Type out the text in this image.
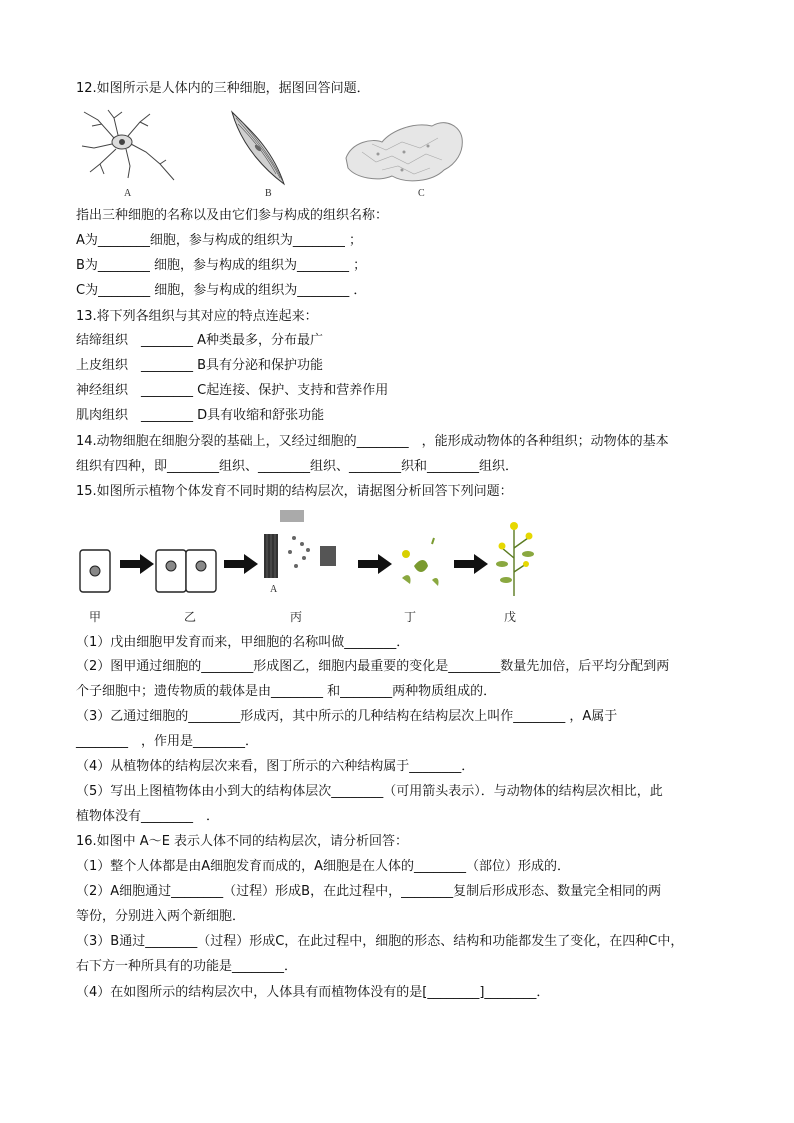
12.如图所示是人体内的三种细胞，据图回答问题．
A	B	C
指出三种细胞的名称以及由它们参与构成的组织名称：
A为________细胞，参与构成的组织为________ ；
B为________ 细胞，参与构成的组织为________ ；
C为________ 细胞，参与构成的组织为________ ．
13.将下列各组织与其对应的特点连起来：
结缔组织　________ A种类最多，分布最广
上皮组织　________ B具有分泌和保护功能
神经组织　________ C起连接、保护、支持和营养作用
肌肉组织　________ D具有收缩和舒张功能
14.动物细胞在细胞分裂的基础上，又经过细胞的________　，能形成动物体的各种组织；动物体的基本
组织有四种，即________组织、________组织、________织和________组织．
15.如图所示植物个体发育不同时期的结构层次，请据图分析回答下列问题：
A
甲	乙	丙	丁	戊
（1）戊由细胞甲发育而来，甲细胞的名称叫做________．
（2）图甲通过细胞的________形成图乙，细胞内最重要的变化是________数量先加倍，后平均分配到两
个子细胞中；遗传物质的载体是由________ 和________两种物质组成的．
（3）乙通过细胞的________形成丙，其中所示的几种结构在结构层次上叫作________ ，A属于
________　，作用是________．
（4）从植物体的结构层次来看，图丁所示的六种结构属于________．
（5）写出上图植物体由小到大的结构体层次________（可用箭头表示）．与动物体的结构层次相比，此
植物体没有________　．
16.如图中 A～E 表示人体不同的结构层次，请分析回答：
（1）整个人体都是由A细胞发育而成的，A细胞是在人体的________（部位）形成的．
（2）A细胞通过________（过程）形成B，在此过程中，________复制后形成形态、数量完全相同的两
等份，分别进入两个新细胞．
（3）B通过________（过程）形成C，在此过程中，细胞的形态、结构和功能都发生了变化，在四种C中，
右下方一种所具有的功能是________．
（4）在如图所示的结构层次中，人体具有而植物体没有的是[________]________．
